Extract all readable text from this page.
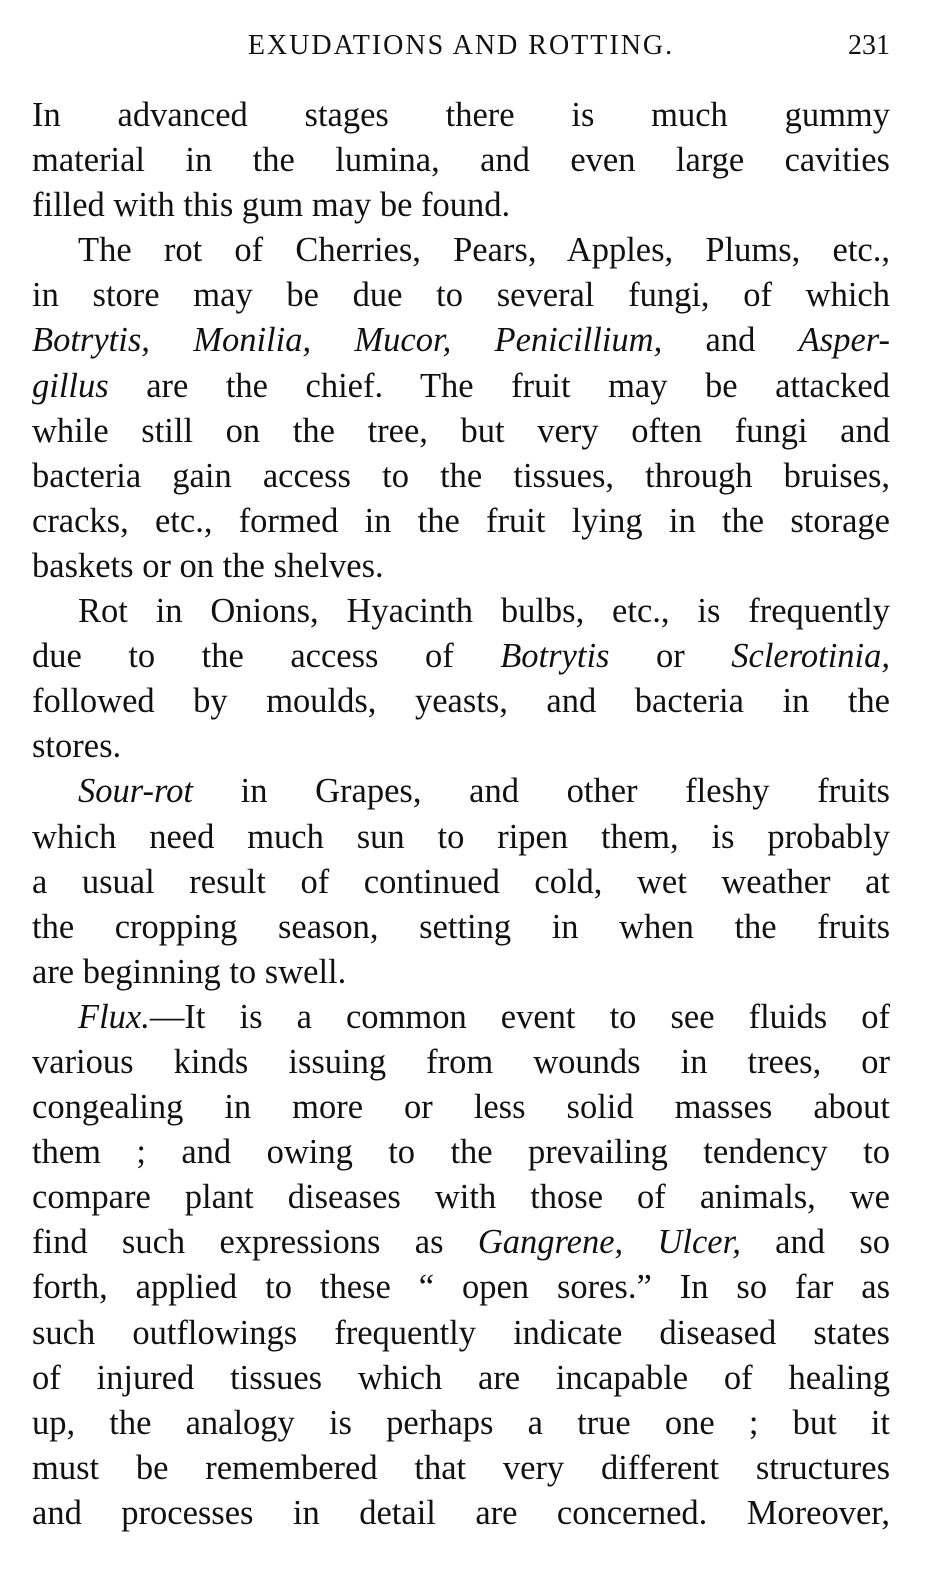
EXUDATIONS AND ROTTING.	231
In advanced stages there is much gummy
material in the lumina, and even large cavities
filled with this gum may be found.
The rot of Cherries, Pears, Apples, Plums, etc.,
in store may be due to several fungi, of which
Botrytis, Monilia, Mucor, Penicillium, and Asper-
gillus are the chief. The fruit may be attacked
while still on the tree, but very often fungi and
bacteria gain access to the tissues, through bruises,
cracks, etc., formed in the fruit lying in the storage
baskets or on the shelves.
Rot in Onions, Hyacinth bulbs, etc., is frequently
due to the access of Botrytis or Sclerotinia,
followed by moulds, yeasts, and bacteria in the
stores.
Sour-rot in Grapes, and other fleshy fruits
which need much sun to ripen them, is probably
a usual result of continued cold, wet weather at
the cropping season, setting in when the fruits
are beginning to swell.
Flux.—It is a common event to see fluids of
various kinds issuing from wounds in trees, or
congealing in more or less solid masses about
them ; and owing to the prevailing tendency to
compare plant diseases with those of animals, we
find such expressions as Gangrene, Ulcer, and so
forth, applied to these “ open sores.” In so far as
such outflowings frequently indicate diseased states
of injured tissues which are incapable of healing
up, the analogy is perhaps a true one ; but it
must be remembered that very different structures
and processes in detail are concerned. Moreover,
